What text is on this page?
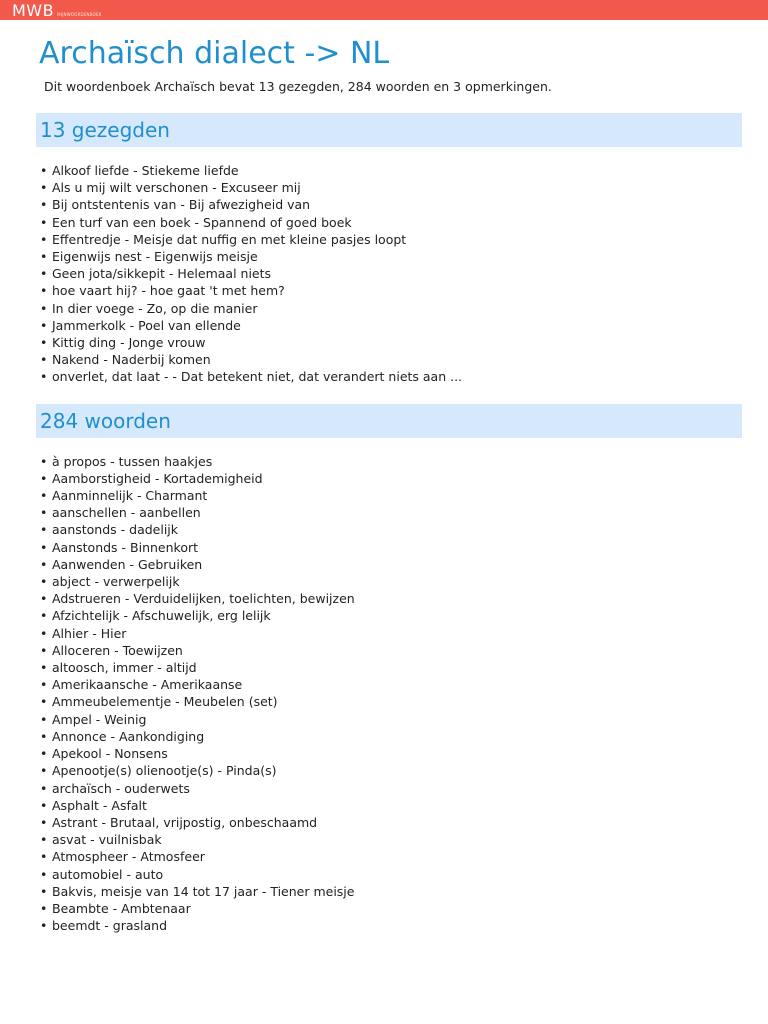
MWB MIJNWOORDENBOEK
Archaïsch dialect -> NL

Dit woordenboek Archaïsch bevat 13 gezegden, 284 woorden en 3 opmerkingen.

13 gezegden
• Alkoof liefde - Stiekeme liefde
• Als u mij wilt verschonen - Excuseer mij
• Bij ontstentenis van - Bij afwezigheid van
• Een turf van een boek - Spannend of goed boek
• Effentredje - Meisje dat nuffig en met kleine pasjes loopt
• Eigenwijs nest - Eigenwijs meisje
• Geen jota/sikkepit - Helemaal niets
• hoe vaart hij? - hoe gaat 't met hem?
• In dier voege - Zo, op die manier
• Jammerkolk - Poel van ellende
• Kittig ding - Jonge vrouw
• Nakend - Naderbij komen
• onverlet, dat laat - - Dat betekent niet, dat verandert niets aan ...
284 woorden
• à propos - tussen haakjes
• Aamborstigheid - Kortademigheid
• Aanminnelijk - Charmant
• aanschellen - aanbellen
• aanstonds - dadelijk
• Aanstonds - Binnenkort
• Aanwenden - Gebruiken
• abject - verwerpelijk
• Adstrueren - Verduidelijken, toelichten, bewijzen
• Afzichtelijk - Afschuwelijk, erg lelijk
• Alhier - Hier
• Alloceren - Toewijzen
• altoosch, immer - altijd
• Amerikaansche - Amerikaanse
• Ammeubelementje - Meubelen (set)
• Ampel - Weinig
• Annonce - Aankondiging
• Apekool - Nonsens
• Apenootje(s) olienootje(s) - Pinda(s)
• archaïsch - ouderwets
• Asphalt - Asfalt
• Astrant - Brutaal, vrijpostig, onbeschaamd
• asvat - vuilnisbak
• Atmospheer - Atmosfeer
• automobiel - auto
• Bakvis, meisje van 14 tot 17 jaar - Tiener meisje
• Beambte - Ambtenaar
• beemdt - grasland
